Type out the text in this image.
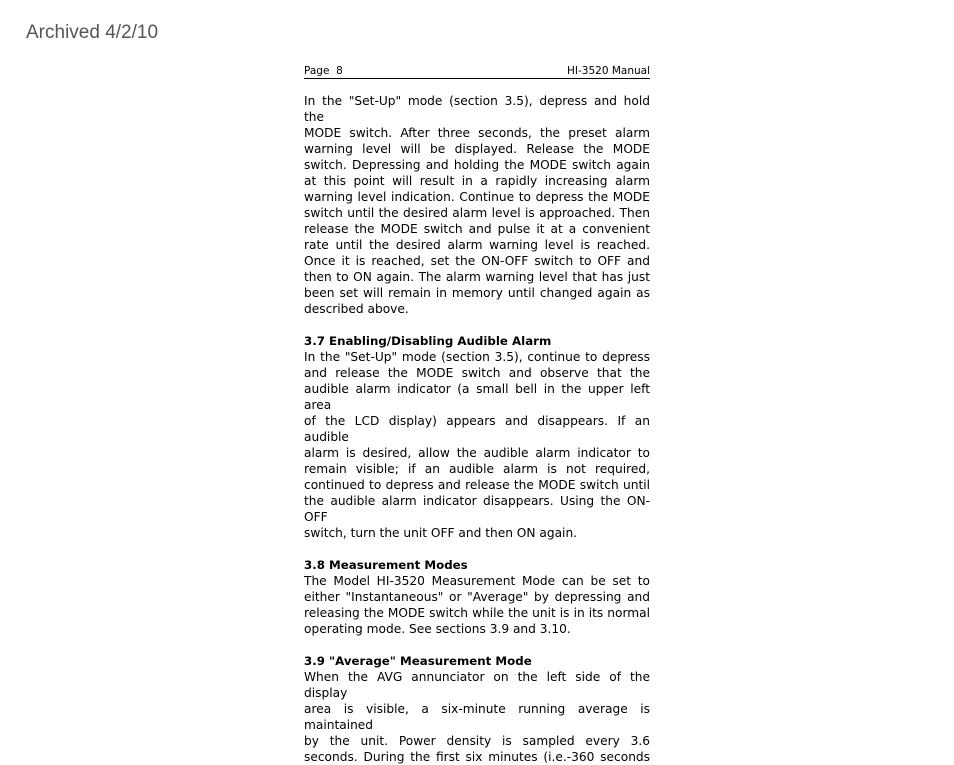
Archived 4/2/10
Page  8	HI-3520 Manual

In the "Set-Up" mode (section 3.5), depress and hold the
MODE switch. After three seconds, the preset alarm
warning level will be displayed. Release the MODE
switch. Depressing and holding the MODE switch again
at this point will result in a rapidly increasing alarm
warning level indication. Continue to depress the MODE
switch until the desired alarm level is approached. Then
release the MODE switch and pulse it at a convenient
rate until the desired alarm warning level is reached.
Once it is reached, set the ON-OFF switch to OFF and
then to ON again. The alarm warning level that has just
been set will remain in memory until changed again as
described above.

3.7 Enabling/Disabling Audible Alarm

In the "Set-Up" mode (section 3.5), continue to depress
and release the MODE switch and observe that the
audible alarm indicator (a small bell in the upper left area
of the LCD display) appears and disappears. If an audible
alarm is desired, allow the audible alarm indicator to
remain visible; if an audible alarm is not required,
continued to depress and release the MODE switch until
the audible alarm indicator disappears. Using the ON-OFF
switch, turn the unit OFF and then ON again.

3.8 Measurement Modes

The Model HI-3520 Measurement Mode can be set to
either "Instantaneous" or "Average" by depressing and
releasing the MODE switch while the unit is in its normal
operating mode. See sections 3.9 and 3.10.

3.9 "Average" Measurement Mode

When the AVG annunciator on the left side of the display
area is visible, a six-minute running average is maintained
by the unit. Power density is sampled every 3.6
seconds. During the first six minutes (i.e.-360 seconds
